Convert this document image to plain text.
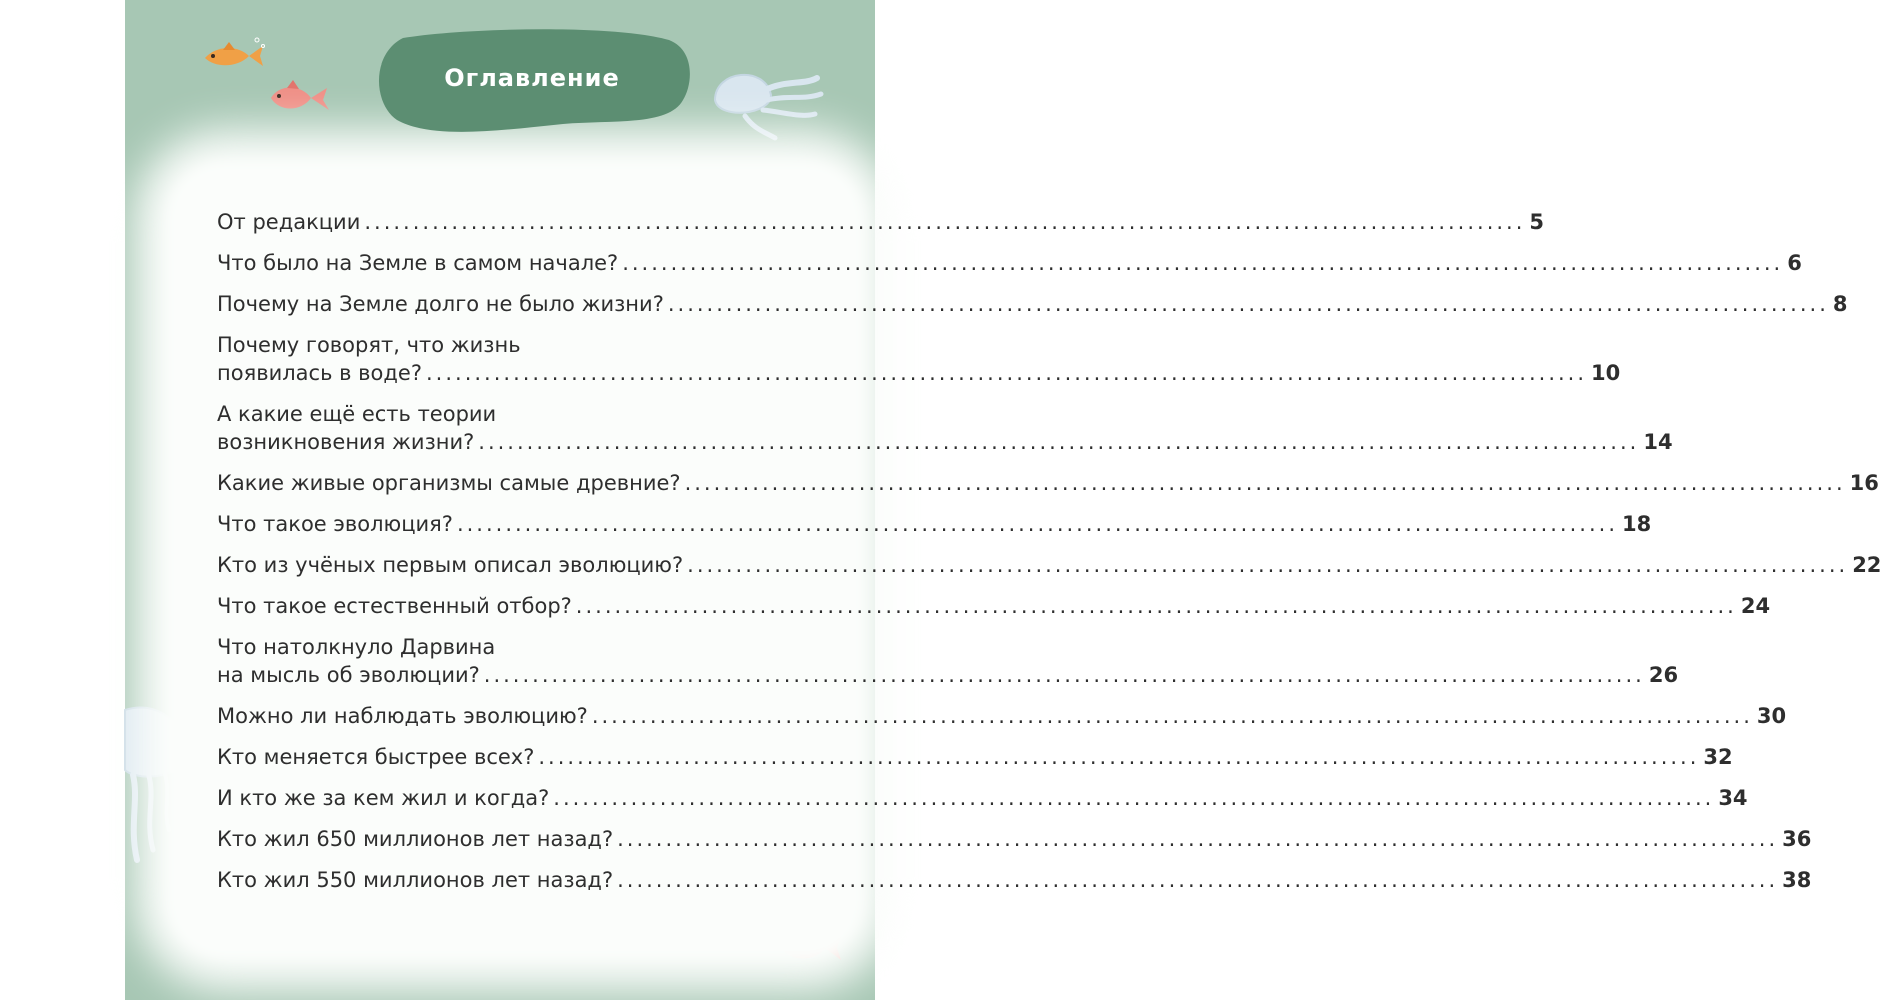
Оглавление
От редакции ........................................................................................................................ 5
Что было на Земле в самом начале? ........................................................................................................................ 6
Почему на Земле долго не было жизни? ........................................................................................................................ 8
Почему говорят, что жизнь
появилась в воде? ........................................................................................................................ 10
А какие ещё есть теории
возникновения жизни? ........................................................................................................................ 14
Какие живые организмы самые древние? ........................................................................................................................ 16
Что такое эволюция? ........................................................................................................................ 18
Кто из учёных первым описал эволюцию? ........................................................................................................................ 22
Что такое естественный отбор? ........................................................................................................................ 24
Что натолкнуло Дарвина
на мысль об эволюции? ........................................................................................................................ 26
Можно ли наблюдать эволюцию? ........................................................................................................................ 30
Кто меняется быстрее всех? ........................................................................................................................ 32
И кто же за кем жил и когда? ........................................................................................................................ 34
Кто жил 650 миллионов лет назад? ........................................................................................................................ 36
Кто жил 550 миллионов лет назад? ........................................................................................................................ 38
